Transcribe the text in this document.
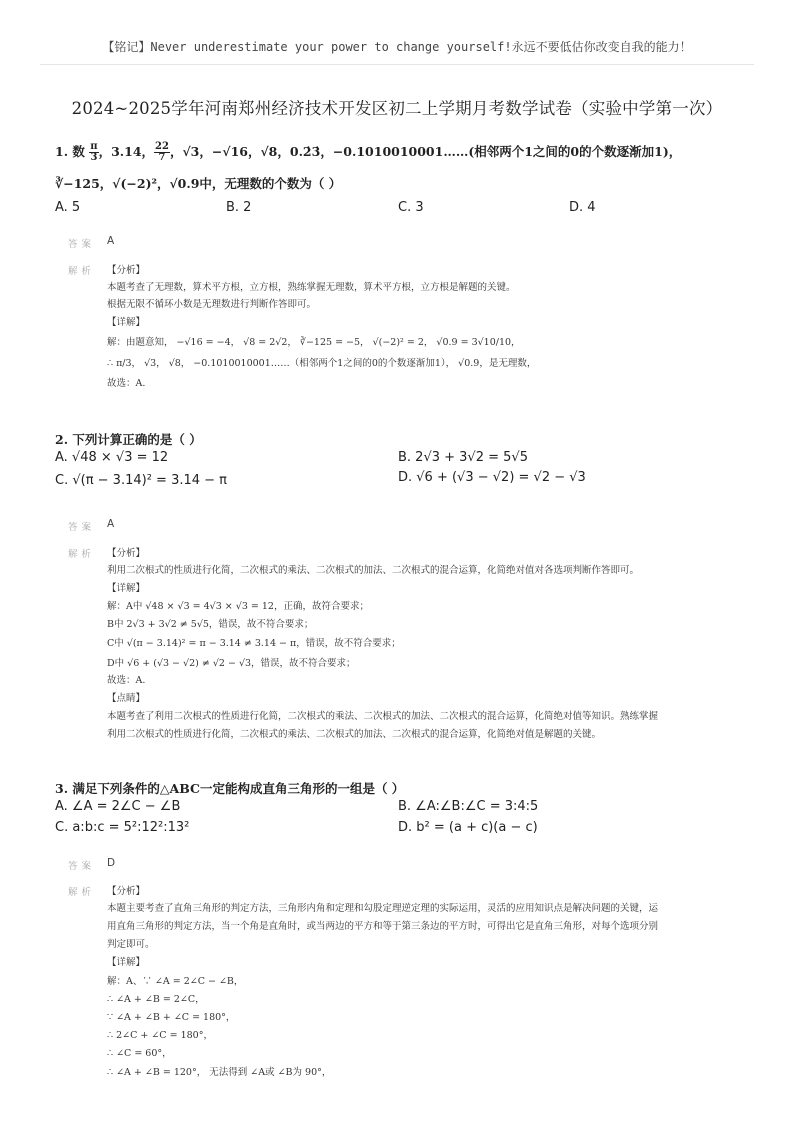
【铭记】Never underestimate your power to change yourself!永远不要低估你改变自我的能力！
2024~2025学年河南郑州经济技术开发区初二上学期月考数学试卷（实验中学第一次）
1. 数 $\frac{\pi}{3}$ ，3.14， $\frac{22}{7}$ ，√3，−√16，√8，0.2̇3̇，−0.1010010001……(相邻两个1之间的0的个数逐渐加1)，
∛−125，√(−2)²，√0.9中，无理数的个数为（ ）
A. 5	B. 2	C. 3	D. 4
答案 A
解析 【分析】
本题考查了无理数，算术平方根，立方根，熟练掌握无理数，算术平方根，立方根是解题的关键。
根据无限不循环小数是无理数进行判断作答即可。
【详解】
解：由题意知， −√16 = −4， √8 = 2√2， ∛−125 = −5， √(−2)² = 2， √0.9 = 3√10/10，
∴ π/3， √3， √8， −0.1010010001……（相邻两个1之间的0的个数逐渐加1）， √0.9，是无理数，
故选：A.
2. 下列计算正确的是（ ）
A. √48 × √3 = 12	B. 2√3 + 3√2 = 5√5
C. √(π − 3.14)² = 3.14 − π	D. √6 + (√3 − √2) = √2 − √3
答案 A
解析 【分析】
利用二次根式的性质进行化简，二次根式的乘法、二次根式的加法、二次根式的混合运算，化简绝对值对各选项判断作答即可。
【详解】
解：A中 √48 × √3 = 4√3 × √3 = 12，正确，故符合要求；
B中 2√3 + 3√2 ≠ 5√5，错误，故不符合要求；
C中 √(π − 3.14)² = π − 3.14 ≠ 3.14 − π，错误，故不符合要求；
D中 √6 + (√3 − √2) ≠ √2 − √3，错误，故不符合要求；
故选：A.
【点睛】
本题考查了利用二次根式的性质进行化简，二次根式的乘法、二次根式的加法、二次根式的混合运算，化简绝对值等知识。熟练掌握
利用二次根式的性质进行化简，二次根式的乘法、二次根式的加法、二次根式的混合运算，化简绝对值是解题的关键。
3. 满足下列条件的△ABC一定能构成直角三角形的一组是（ ）
A. ∠A = 2∠C − ∠B	B. ∠A:∠B:∠C = 3:4:5
C. a:b:c = 5²:12²:13²	D. b² = (a + c)(a − c)
答案 D
解析 【分析】
本题主要考查了直角三角形的判定方法，三角形内角和定理和勾股定理逆定理的实际运用，灵活的应用知识点是解决问题的关键，运
用直角三角形的判定方法，当一个角是直角时，或当两边的平方和等于第三条边的平方时，可得出它是直角三角形，对每个选项分别
判定即可。
【详解】
解：A、∵ ∠A = 2∠C − ∠B，
∴ ∠A + ∠B = 2∠C，
∵ ∠A + ∠B + ∠C = 180°，
∴ 2∠C + ∠C = 180°，
∴ ∠C = 60°，
∴ ∠A + ∠B = 120°， 无法得到 ∠A或 ∠B为 90°，
